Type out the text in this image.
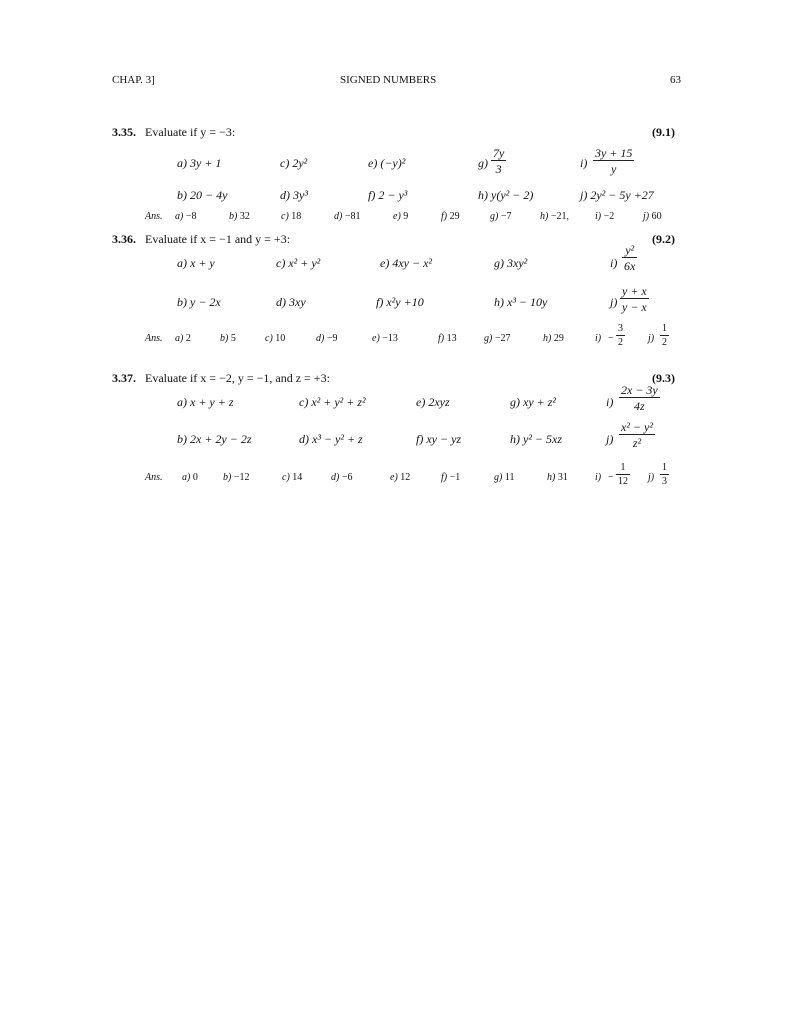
CHAP. 3]	SIGNED NUMBERS	63
3.35. Evaluate if y = −3:	(9.1)
a) 3y + 1	c) 2y²	e) (−y)²	$g) \frac{7y}{3}$	$i) \frac{3y + 15}{y}$
b) 20 − 4y	d) 3y³	f) 2 − y³	h) y(y² − 2)	j) 2y² − 5y +27
Ans. a) −8	b) 32	c) 18	d) −81	e) 9	f) 29	g) −7	h) −21,	i) −2	j) 60
3.36. Evaluate if x = −1 and y = +3:	(9.2)
a) x + y	c) x² + y²	e) 4xy − x²	g) 3xy²	$i) \frac{\text{y²}}{6x}$
b) y − 2x	d) 3xy	f) x²y +10	h) x³ − 10y	$j) \frac{y + x}{y - x}$
Ans. a) 2	b) 5	c) 10	d) −9	e) −13	f) 13	g) −27	h) 29	$i) - \frac{3}{2} j) \frac{1}{2}$
3.37. Evaluate if x = −2, y = −1, and z = +3:	(9.3)
a) x + y + z	c) x² + y² + z²	e) 2xyz	g) xy + z²	$i) \frac{2x - 3y}{4z}$
b) 2x + 2y − 2z	d) x³ − y² + z	f) xy − yz	h) y² − 5xz	$j) \frac{\text{x² − y²}}{\text{z²}}$
Ans. a) 0	b) −12	c) 14	d) −6	e) 12	f) −1	g) 11	h) 31	$i) - \frac{1}{12} j) \frac{1}{3}$
